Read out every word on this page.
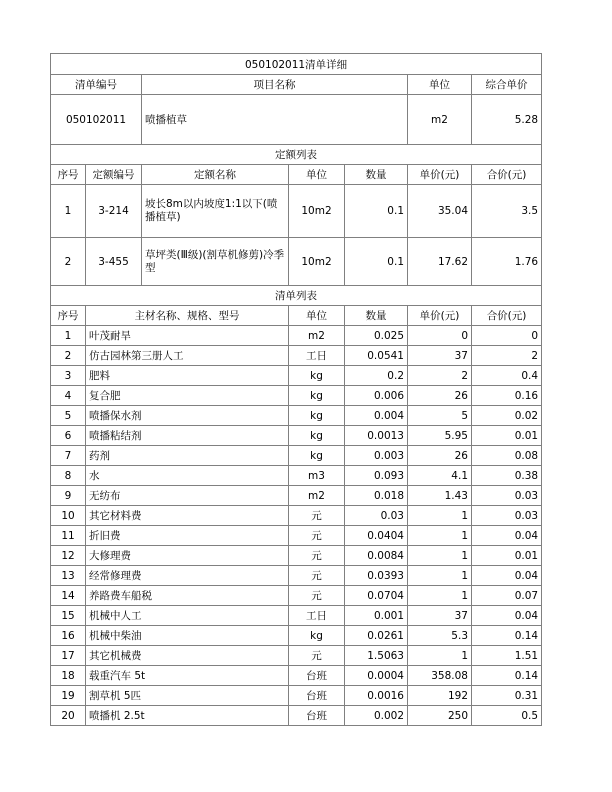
050102011清单详细						
清单编号		项目名称			单位	综合单价
050102011		喷播植草			m2	5.28
定额列表						
序号	定额编号	定额名称	单位	数量	单价(元)	合价(元)
1	3-214	坡长8m以内坡度1:1以下(喷播植草)	10m2	0.1	35.04	3.5
2	3-455	草坪类(Ⅲ级)(割草机修剪)冷季型	10m2	0.1	17.62	1.76
清单列表						
序号	主材名称、规格、型号		单位	数量	单价(元)	合价(元)
1	叶茂耐旱		m2	0.025	0	0
2	仿古园林第三册人工		工日	0.0541	37	2
3	肥料		kg	0.2	2	0.4
4	复合肥		kg	0.006	26	0.16
5	喷播保水剂		kg	0.004	5	0.02
6	喷播粘结剂		kg	0.0013	5.95	0.01
7	药剂		kg	0.003	26	0.08
8	水		m3	0.093	4.1	0.38
9	无纺布		m2	0.018	1.43	0.03
10	其它材料费		元	0.03	1	0.03
11	折旧费		元	0.0404	1	0.04
12	大修理费		元	0.0084	1	0.01
13	经常修理费		元	0.0393	1	0.04
14	养路费车船税		元	0.0704	1	0.07
15	机械中人工		工日	0.001	37	0.04
16	机械中柴油		kg	0.0261	5.3	0.14
17	其它机械费		元	1.5063	1	1.51
18	载重汽车 5t		台班	0.0004	358.08	0.14
19	割草机 5匹		台班	0.0016	192	0.31
20	喷播机 2.5t		台班	0.002	250	0.5
